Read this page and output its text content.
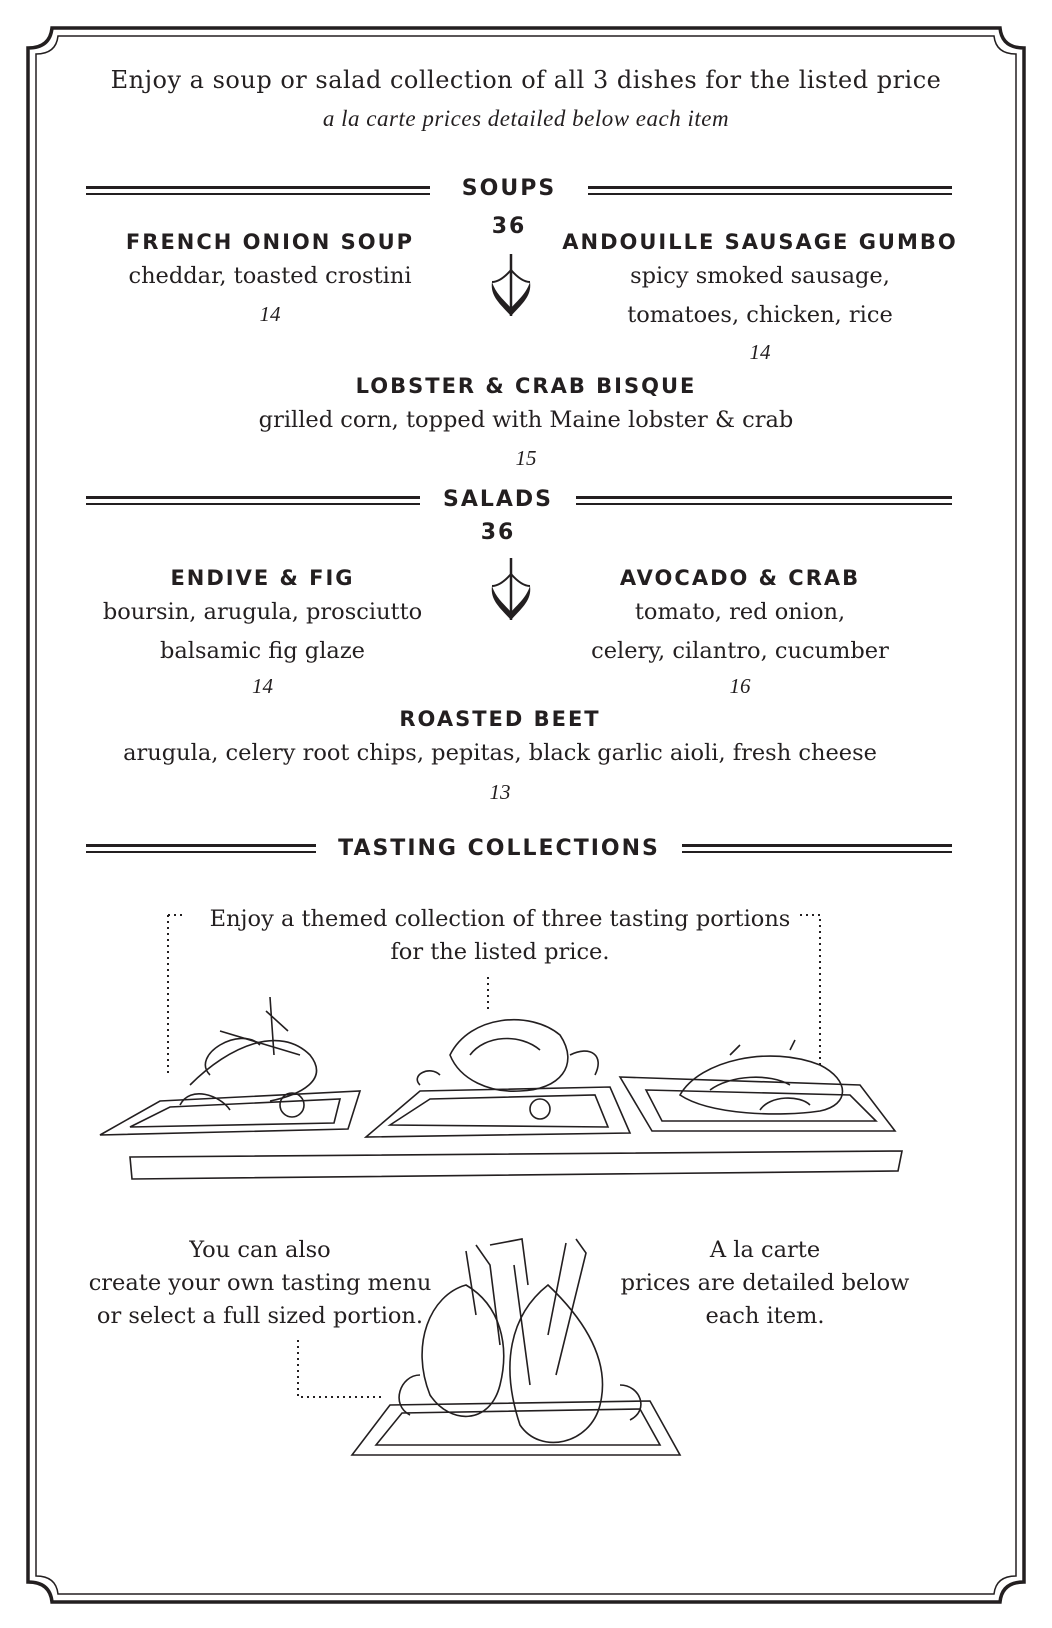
Enjoy a soup or salad collection of all 3 dishes for the listed price
a la carte prices detailed below each item
SOUPS
36
FRENCH ONION SOUP
cheddar, toasted crostini
14
ANDOUILLE SAUSAGE GUMBO
spicy smoked sausage,
tomatoes, chicken, rice
14
LOBSTER & CRAB BISQUE
grilled corn, topped with Maine lobster & crab
15
SALADS
36
ENDIVE & FIG
boursin, arugula, prosciutto
balsamic fig glaze
14
AVOCADO & CRAB
tomato, red onion,
celery, cilantro, cucumber
16
ROASTED BEET
arugula, celery root chips, pepitas, black garlic aioli, fresh cheese
13
TASTING COLLECTIONS
Enjoy a themed collection of three tasting portions
for the listed price.
You can also
create your own tasting menu
or select a full sized portion.
A la carte
prices are detailed below
each item.
